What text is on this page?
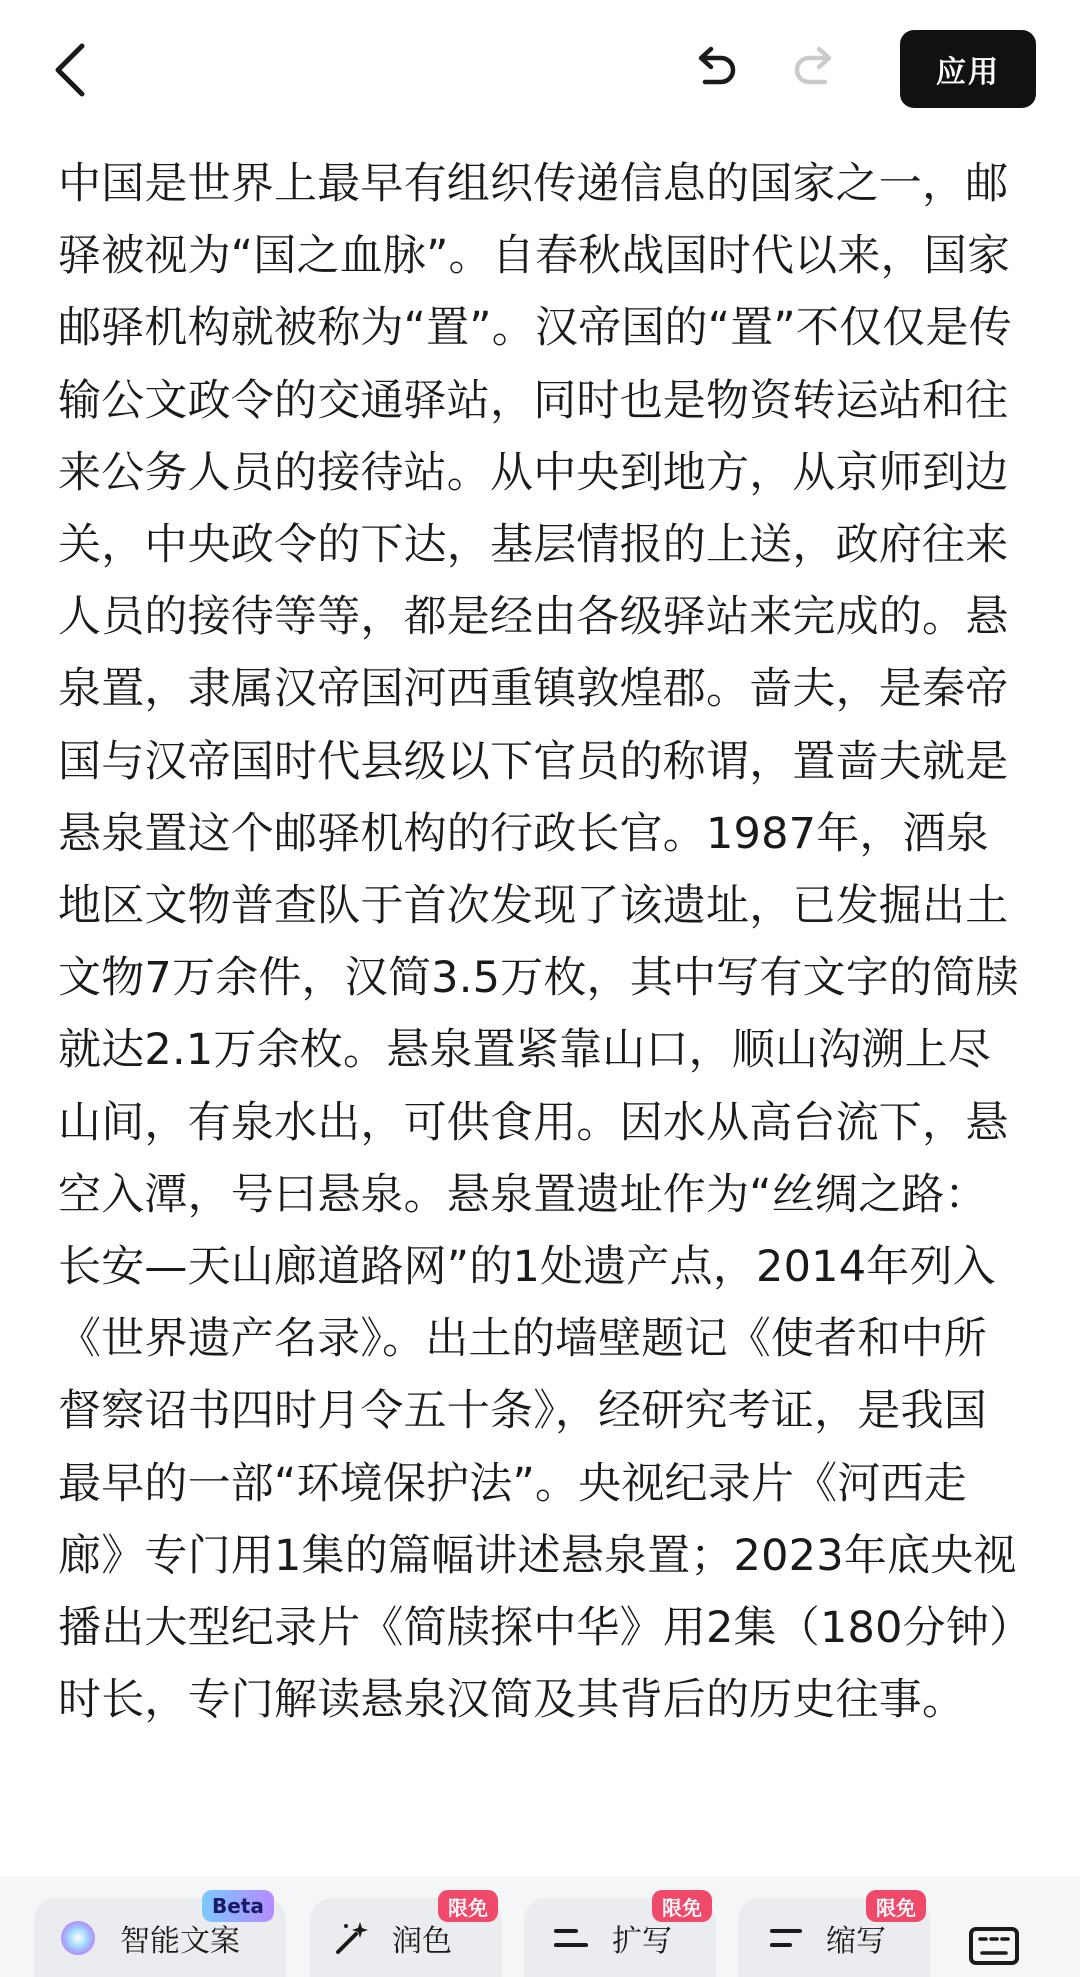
应用

中国是世界上最早有组织传递信息的国家之一，邮驿被视为“国之血脉”。自春秋战国时代以来，国家邮驿机构就被称为“置”。汉帝国的“置”不仅仅是传输公文政令的交通驿站，同时也是物资转运站和往来公务人员的接待站。从中央到地方，从京师到边关，中央政令的下达，基层情报的上送，政府往来人员的接待等等，都是经由各级驿站来完成的。悬泉置，隶属汉帝国河西重镇敦煌郡。啬夫，是秦帝国与汉帝国时代县级以下官员的称谓，置啬夫就是悬泉置这个邮驿机构的行政长官。1987年，酒泉地区文物普查队于首次发现了该遗址，已发掘出土文物7万余件，汉简3.5万枚，其中写有文字的简牍就达2.1万余枚。悬泉置紧靠山口，顺山沟溯上尽山间，有泉水出，可供食用。因水从高台流下，悬空入潭，号曰悬泉。悬泉置遗址作为“丝绸之路：长安—天山廊道路网”的1处遗产点，2014年列入《世界遗产名录》。出土的墙壁题记《使者和中所督察诏书四时月令五十条》，经研究考证，是我国最早的一部“环境保护法”。央视纪录片《河西走廊》专门用1集的篇幅讲述悬泉置；2023年底央视播出大型纪录片《简牍探中华》用2集（180分钟）时长，专门解读悬泉汉简及其背后的历史往事。

智能文案
Beta
润色
限免
扩写
限免
缩写
限免
